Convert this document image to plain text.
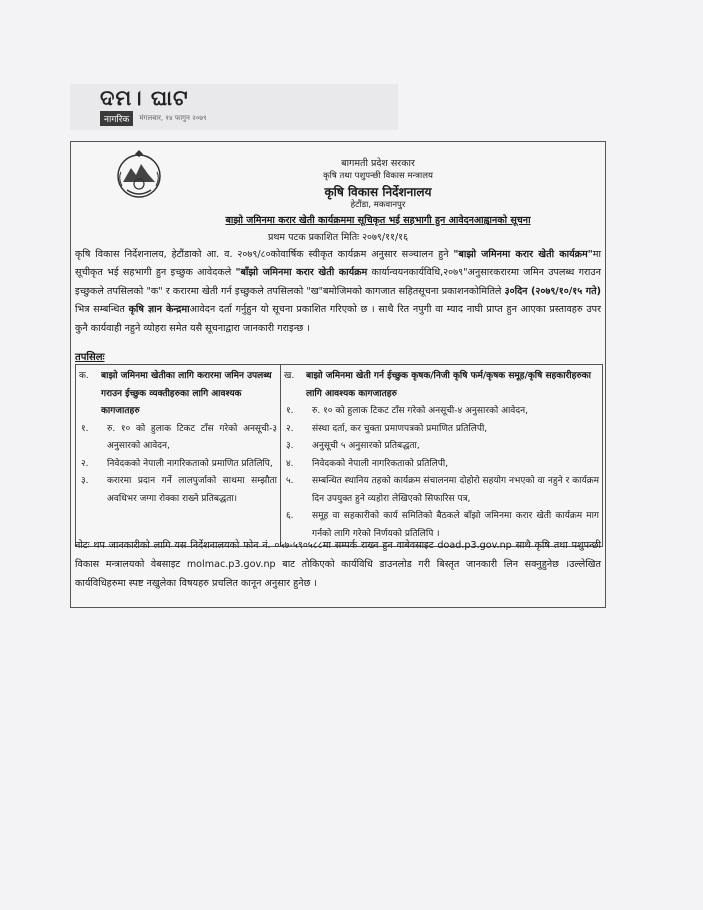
ଦମ। ଘାଟ
नागरिक	मंगलबार, १४ फागुन २०७९
बागमती प्रदेश सरकार
कृषि तथा पशुपन्छी विकास मन्त्रालय
कृषि विकास निर्देशनालय
हेटौंडा, मकवानपुर
बाझो जमिनमा करार खेती कार्यक्रममा सूचिकृत भई सहभागी हुन आवेदनआह्वानको सूचना
प्रथम पटक प्रकाशित मितिः २०७९/११/१६
कृषि विकास निर्देशनालय, हेटौंडाको आ. व. २०७९/८०कोवार्षिक स्वीकृत कार्यक्रम अनुसार सञ्चालन हुने "बाझो जमिनमा करार खेती कार्यक्रम"मा सूचीकृत भई सहभागी हुन इच्छुक आवेदकले "बाँझो जमिनमा करार खेती कार्यक्रम कार्यान्वयनकार्यविधि,२०७९"अनुसारकरारमा जमिन उपलब्ध गराउन इच्छुकले तपसिलको "क" र करारमा खेती गर्न इच्छुकले तपसिलको "ख"बमोजिमको कागजात सहितसूचना प्रकाशनकोमितिले ३०दिन (२०७९/१०/१५ गते) भित्र सम्बन्धित कृषि ज्ञान केन्द्रमाआवेदन दर्ता गर्नुहुन यो सूचना प्रकाशित गरिएको छ । साथै रित नपुगी वा म्याद नाघी प्राप्त हुन आएका प्रस्तावहरु उपर कुनै कार्यवाही नहुने व्योहरा समेत यसै सूचनाद्वारा जानकारी गराइन्छ ।
तपसिलः
क.	बाझो जमिनमा खेतीका लागि करारमा जमिन उपलब्ध गराउन ईच्छुक व्यक्तीहरुका लागि आवश्यक कागजातहरु
१.	रु. १० को हुलाक टिकट टाँस गरेको अनसूची-३ अनुसारको आवेदन,
२.	निवेदकको नेपाली नागरिकताको प्रमाणित प्रतिलिपि,
३.	करारमा प्रदान गर्ने लालपुर्जाको साथमा सम्झौता अवधिभर जग्गा रोक्का राख्ने प्रतिबद्धता।

ख.	बाझो जमिनमा खेती गर्न ईच्छुक कृषक/निजी कृषि फर्म/कृषक समूह/कृषि सहकारीहरुका लागि आवश्यक कागजातहरु
१.	रु. १० को हुलाक टिकट टाँस गरेको अनसूची-४ अनुसारको आवेदन,
२.	संस्था दर्ता, कर चुक्ता प्रमाणपत्रको प्रमाणित प्रतिलिपी,
३.	अनुसूची ५ अनुसारको प्रतिबद्धता,
४.	निवेदकको नेपाली नागरिकताको प्रतिलिपी,
५.	सम्बन्धित स्थानिय तहको कार्यक्रम संचालनमा दोहोरो सहयोग नभएको वा नहुने र कार्यक्रम दिन उपयुक्त हुने व्यहोरा लेखिएको सिफारिस पत्र,
६.	समूह वा सहकारीको कार्य समितिको बैठकले बाँझो जमिनमा करार खेती कार्यक्रम माग गर्नको लागि गरेको निर्णयको प्रतिलिपि ।
नोटः थप जानकारीको लागि यस निर्देशनालयको फोन नं. ०५७-५९०५८८मा सम्पर्क राख्न हुन वाबेवसाइट doad.p3.gov.np साथै कृषि तथा पशुपन्छी विकास मन्त्रालयको वेबसाइट molmac.p3.gov.np बाट तोकिएको कार्यविधि डाउनलोड गरी बिस्तृत जानकारी लिन सक्नुहुनेछ ।उल्लेखित कार्यविधिहरुमा स्पष्ट नखुलेका विषयहरु प्रचलित कानून अनुसार हुनेछ ।
